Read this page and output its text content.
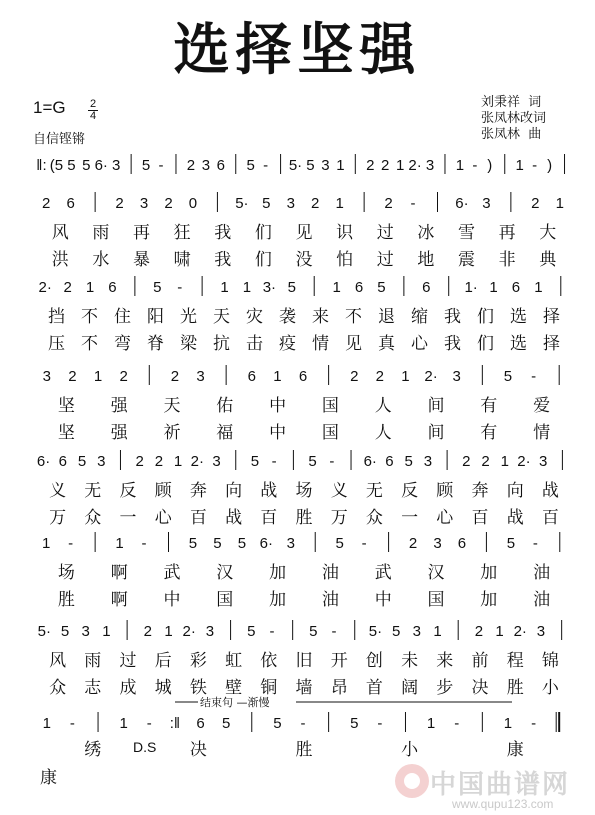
选择坚强
1=G	2
4
自信铿锵
刘秉祥  词
张凤林改词
张凤林  曲
‖: (5 5 5 6· 3 5 - 2 3 6 5 - 5· 5 3 1 2 2 1 2· 3 1 - ) 1 - )
2 6	2 3 2 0	5· 5 3 2 1	2 -	6· 3	2 1
风 雨 再 狂 我 们 见 识 过 冰 雪 再 大
洪 水 暴 啸 我 们 没 怕 过 地 震 非 典
2· 2 1 6 5 -	1 1 3· 5 1 6 5 6 1· 1 6 1
挡 不 住 阳 光 天 灾 袭 来 不 退 缩 我 们 选 择
压 不 弯 脊 梁 抗 击 疫 情 见 真 心 我 们 选 择
3 2 1 2	2 3	6 1 6	2 2 1 2· 3	5 -
坚 强 天 佑 中 国 人 间 有 爱
坚 强 祈 福 中 国 人 间 有 情
6· 6 5 3 2 2 1 2· 3 5 - 5 - 6· 6 5 3 2 2 1 2· 3
义 无 反 顾 奔 向 战 场 义 无 反 顾 奔 向 战
万 众 一 心 百 战 百 胜 万 众 一 心 百 战 百
1 -	1 -	5 5 5 6· 3	5 -	2 3 6	5 -
场 啊 武 汉 加 油 武 汉 加 油
胜 啊 中 国 加 油 中 国 加 油
5· 5 3 1 2 1 2· 3 5 - 5 - 5· 5 3 1 2 1 2· 3
风 雨 过 后 彩 虹 依 旧 开 创 未 来 前 程 锦
众 志 成 城 铁 壁 铜 墙 昂 首 阔 步 决 胜 小
结束句 —渐慢
1 -	1 - :‖ 6 5	5 -	5 -	1 -	1 -
D.S
绣	决	胜	小	康
康	中国曲谱网
www.qupu123.com
